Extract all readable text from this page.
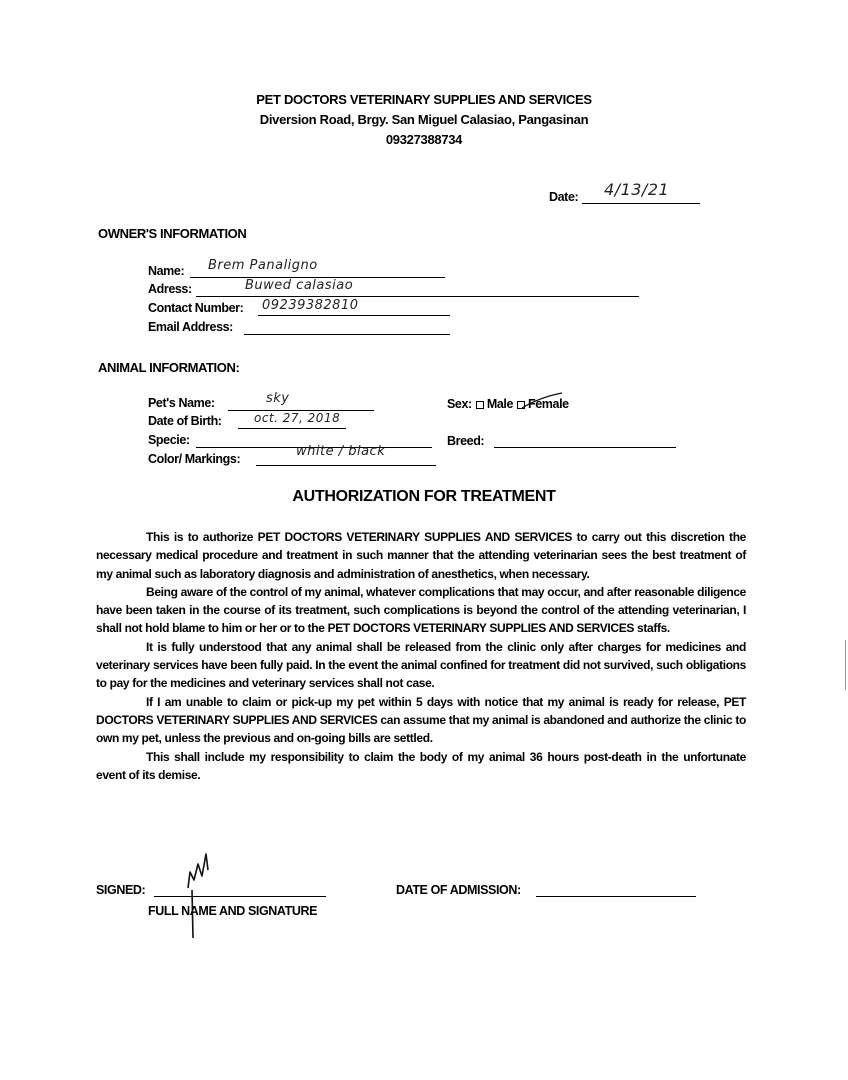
PET DOCTORS VETERINARY SUPPLIES AND SERVICES
Diversion Road, Brgy. San Miguel Calasiao, Pangasinan
09327388734
Date: 4/13/21
OWNER'S INFORMATION
Name: Brem Panaligno
Adress:	Buwed calasiao
Contact Number: 09239382810
Email Address:
ANIMAL INFORMATION:
Pet's Name:	sky
Date of Birth:	oct. 27, 2018
Specie:
Color/ Markings:	white / black
Sex: Male Female
Breed:
AUTHORIZATION FOR TREATMENT

This is to authorize PET DOCTORS VETERINARY SUPPLIES AND SERVICES to carry out this discretion the necessary medical procedure and treatment in such manner that the attending veterinarian sees the best treatment of my animal such as laboratory diagnosis and administration of anesthetics, when necessary.

Being aware of the control of my animal, whatever complications that may occur, and after reasonable diligence have been taken in the course of its treatment, such complications is beyond the control of the attending veterinarian, I shall not hold blame to him or her or to the PET DOCTORS VETERINARY SUPPLIES AND SERVICES staffs.

It is fully understood that any animal shall be released from the clinic only after charges for medicines and veterinary services have been fully paid. In the event the animal confined for treatment did not survived, such obligations to pay for the medicines and veterinary services shall not case.

If I am unable to claim or pick-up my pet within 5 days with notice that my animal is ready for release, PET DOCTORS VETERINARY SUPPLIES AND SERVICES can assume that my animal is abandoned and authorize the clinic to own my pet, unless the previous and on-going bills are settled.

This shall include my responsibility to claim the body of my animal 36 hours post-death in the unfortunate event of its demise.

SIGNED:
FULL NAME AND SIGNATURE
DATE OF ADMISSION:
